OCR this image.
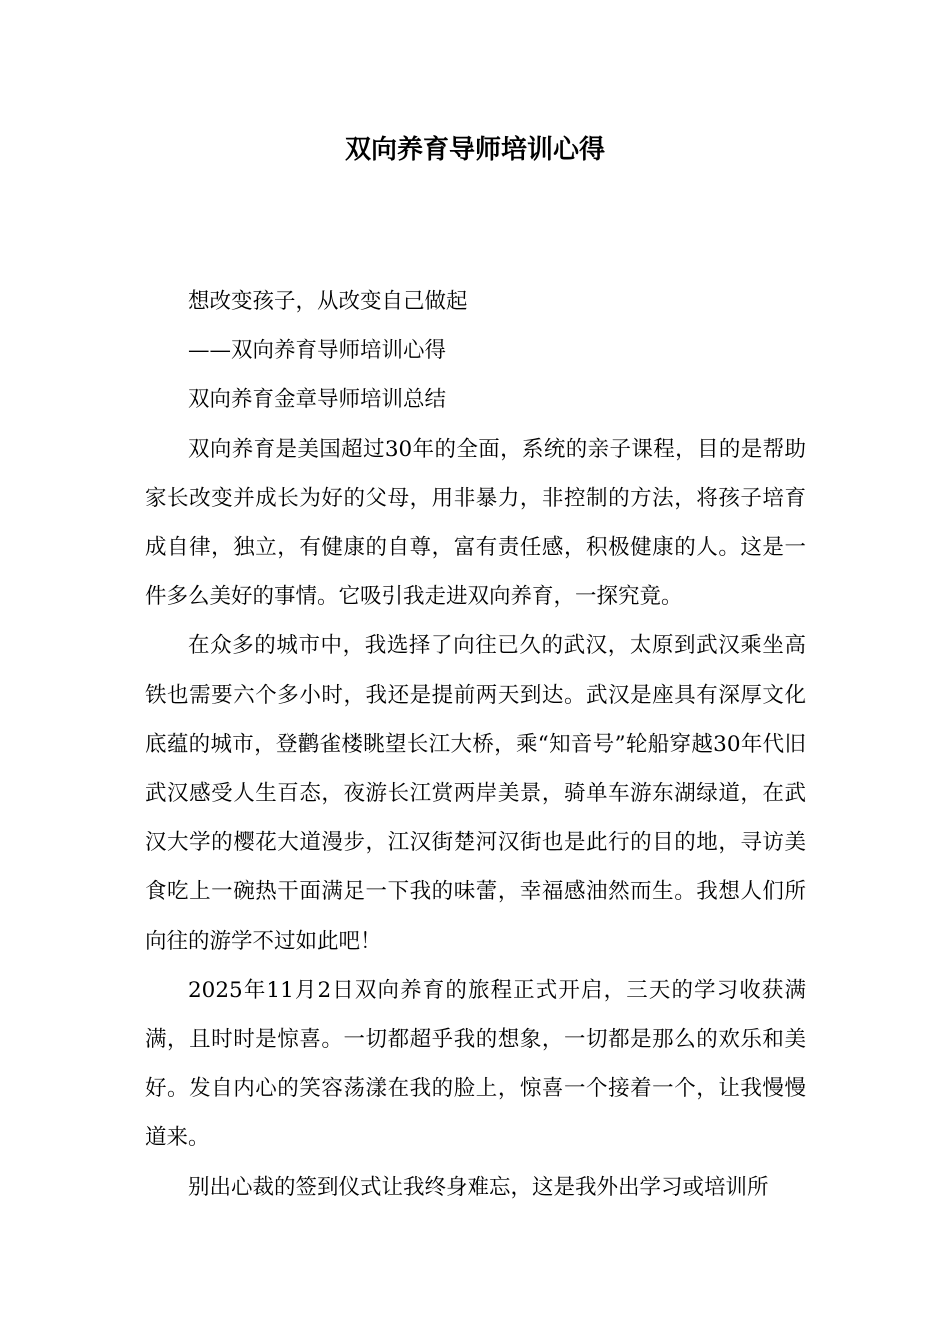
双向养育导师培训心得

想改变孩子，从改变自己做起

——双向养育导师培训心得

双向养育金章导师培训总结

双向养育是美国超过30年的全面，系统的亲子课程，目的是帮助家长改变并成长为好的父母，用非暴力，非控制的方法，将孩子培育成自律，独立，有健康的自尊，富有责任感，积极健康的人。这是一件多么美好的事情。它吸引我走进双向养育，一探究竟。

在众多的城市中，我选择了向往已久的武汉，太原到武汉乘坐高铁也需要六个多小时，我还是提前两天到达。武汉是座具有深厚文化底蕴的城市，登鹳雀楼眺望长江大桥，乘“知音号”轮船穿越30年代旧武汉感受人生百态，夜游长江赏两岸美景，骑单车游东湖绿道，在武汉大学的樱花大道漫步，江汉街楚河汉街也是此行的目的地，寻访美食吃上一碗热干面满足一下我的味蕾，幸福感油然而生。我想人们所向往的游学不过如此吧！

2025年11月2日双向养育的旅程正式开启，三天的学习收获满满，且时时是惊喜。一切都超乎我的想象，一切都是那么的欢乐和美好。发自内心的笑容荡漾在我的脸上，惊喜一个接着一个，让我慢慢道来。

别出心裁的签到仪式让我终身难忘，这是我外出学习或培训所
